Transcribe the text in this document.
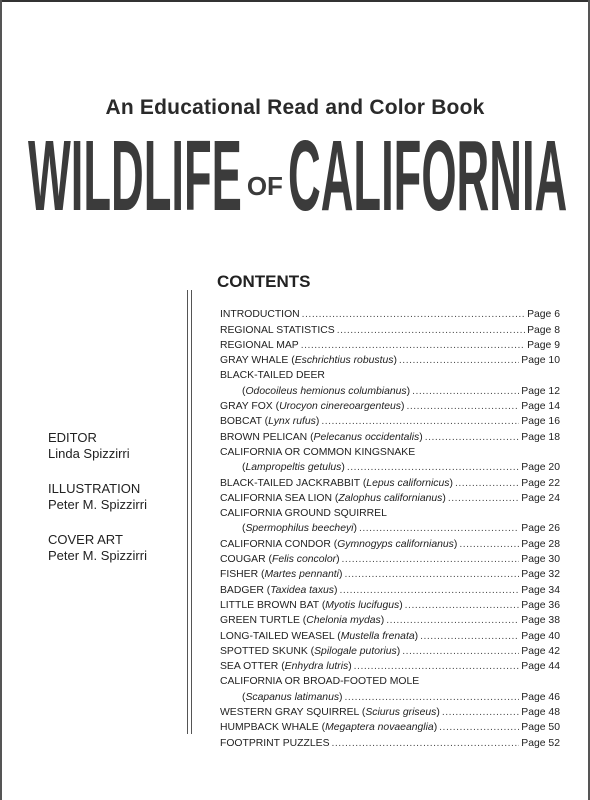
An Educational Read and Color Book
WILDLIFE OF CALIFORNIA
CONTENTS
EDITOR
Linda Spizzirri
ILLUSTRATION
Peter M. Spizzirri
COVER ART
Peter M. Spizzirri
INTRODUCTION .....	Page 6
REGIONAL STATISTICS .....	Page 8
REGIONAL MAP .....	Page 9
GRAY WHALE (Eschrichtius robustus) .....	Page 10
BLACK-TAILED DEER
(Odocoileus hemionus columbianus) .....	Page 12
GRAY FOX (Urocyon cinereoargenteus) .....	Page 14
BOBCAT (Lynx rufus) .....	Page 16
BROWN PELICAN (Pelecanus occidentalis) .....	Page 18
CALIFORNIA OR COMMON KINGSNAKE
(Lampropeltis getulus) .....	Page 20
BLACK-TAILED JACKRABBIT (Lepus californicus) .....	Page 22
CALIFORNIA SEA LION (Zalophus californianus) .....	Page 24
CALIFORNIA GROUND SQUIRREL
(Spermophilus beecheyi) .....	Page 26
CALIFORNIA CONDOR (Gymnogyps californianus) .....	Page 28
COUGAR (Felis concolor) .....	Page 30
FISHER (Martes pennanti) .....	Page 32
BADGER (Taxidea taxus) .....	Page 34
LITTLE BROWN BAT (Myotis lucifugus) .....	Page 36
GREEN TURTLE (Chelonia mydas) .....	Page 38
LONG-TAILED WEASEL (Mustella frenata) .....	Page 40
SPOTTED SKUNK (Spilogale putorius) .....	Page 42
SEA OTTER (Enhydra lutris) .....	Page 44
CALIFORNIA OR BROAD-FOOTED MOLE
(Scapanus latimanus) .....	Page 46
WESTERN GRAY SQUIRREL (Sciurus griseus) .....	Page 48
HUMPBACK WHALE (Megaptera novaeanglia) .....	Page 50
FOOTPRINT PUZZLES .....	Page 52
